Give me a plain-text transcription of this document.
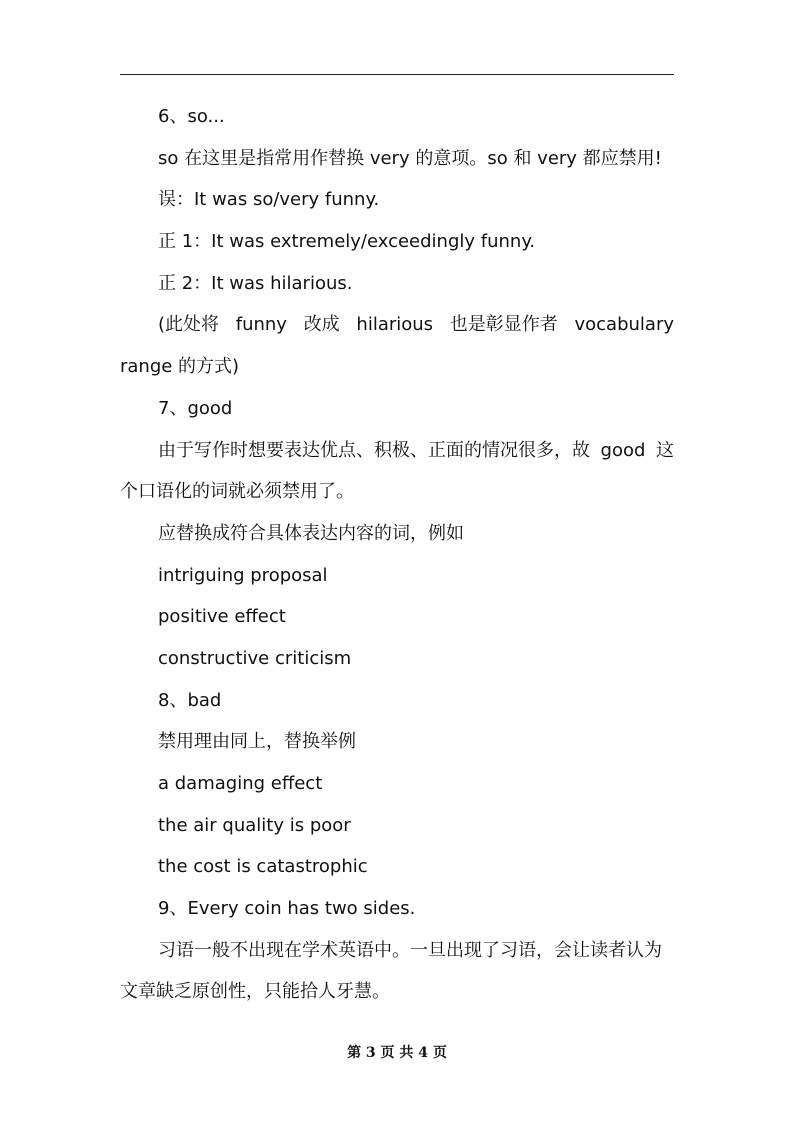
6、so...
so 在这里是指常用作替换 very 的意项。so 和 very 都应禁用!
误：It was so/very funny.
正 1：It was extremely/exceedingly funny.
正 2：It was hilarious.
(此处将 funny 改成 hilarious 也是彰显作者 vocabulary
range 的方式)
7、good
由于写作时想要表达优点、积极、正面的情况很多，故 good 这
个口语化的词就必须禁用了。
应替换成符合具体表达内容的词，例如
intriguing proposal
positive effect
constructive criticism
8、bad
禁用理由同上，替换举例
a damaging effect
the air quality is poor
the cost is catastrophic
9、Every coin has two sides.
习语一般不出现在学术英语中。一旦出现了习语，会让读者认为
文章缺乏原创性，只能拾人牙慧。
第 3 页 共 4 页
